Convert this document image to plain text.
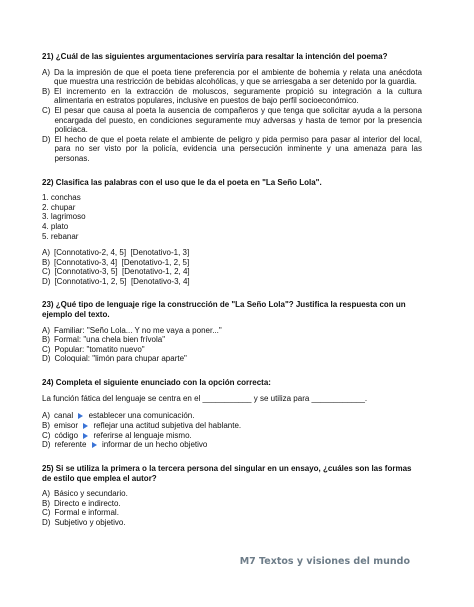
21) ¿Cuál de las siguientes argumentaciones serviría para resaltar la intención del poema?
A) Da la impresión de que el poeta tiene preferencia por el ambiente de bohemia y relata una anécdota que muestra una restricción de bebidas alcohólicas, y que se arriesgaba a ser detenido por la guardia.
B) El incremento en la extracción de moluscos, seguramente propició su integración a la cultura alimentaria en estratos populares, inclusive en puestos de bajo perfil socioeconómico.
C) El pesar que causa al poeta la ausencia de compañeros y que tenga que solicitar ayuda a la persona encargada del puesto, en condiciones seguramente muy adversas y hasta de temor por la presencia policiaca.
D) El hecho de que el poeta relate el ambiente de peligro y pida permiso para pasar al interior del local, para no ser visto por la policía, evidencia una persecución inminente y una amenaza para las personas.
22) Clasifica las palabras con el uso que le da el poeta en "La Seño Lola".
1. conchas
2. chupar
3. lagrimoso
4. plato
5. rebanar
A) [Connotativo-2, 4, 5]  [Denotativo-1, 3]
B) [Connotativo-3, 4]  [Denotativo-1, 2, 5]
C) [Connotativo-3, 5]  [Denotativo-1, 2, 4]
D) [Connotativo-1, 2, 5]  [Denotativo-3, 4]
23) ¿Qué tipo de lenguaje rige la construcción de "La Seño Lola"? Justifica la respuesta con un ejemplo del texto.
A) Familiar: "Seño Lola... Y no me vaya a poner..."
B) Formal: "una chela bien frívola"
C) Popular: "tomatito nuevo"
D) Coloquial: "limón para chupar aparte"
24) Completa el siguiente enunciado con la opción correcta:
La función fática del lenguaje se centra en el ___________ y se utiliza para ____________.
A) canal establecer una comunicación.
B) emisor reflejar una actitud subjetiva del hablante.
C) código referirse al lenguaje mismo.
D) referente informar de un hecho objetivo
25) Si se utiliza la primera o la tercera persona del singular en un ensayo, ¿cuáles son las formas de estilo que emplea el autor?
A) Básico y secundario.
B) Directo e indirecto.
C) Formal e informal.
D) Subjetivo y objetivo.
M7 Textos y visiones del mundo
